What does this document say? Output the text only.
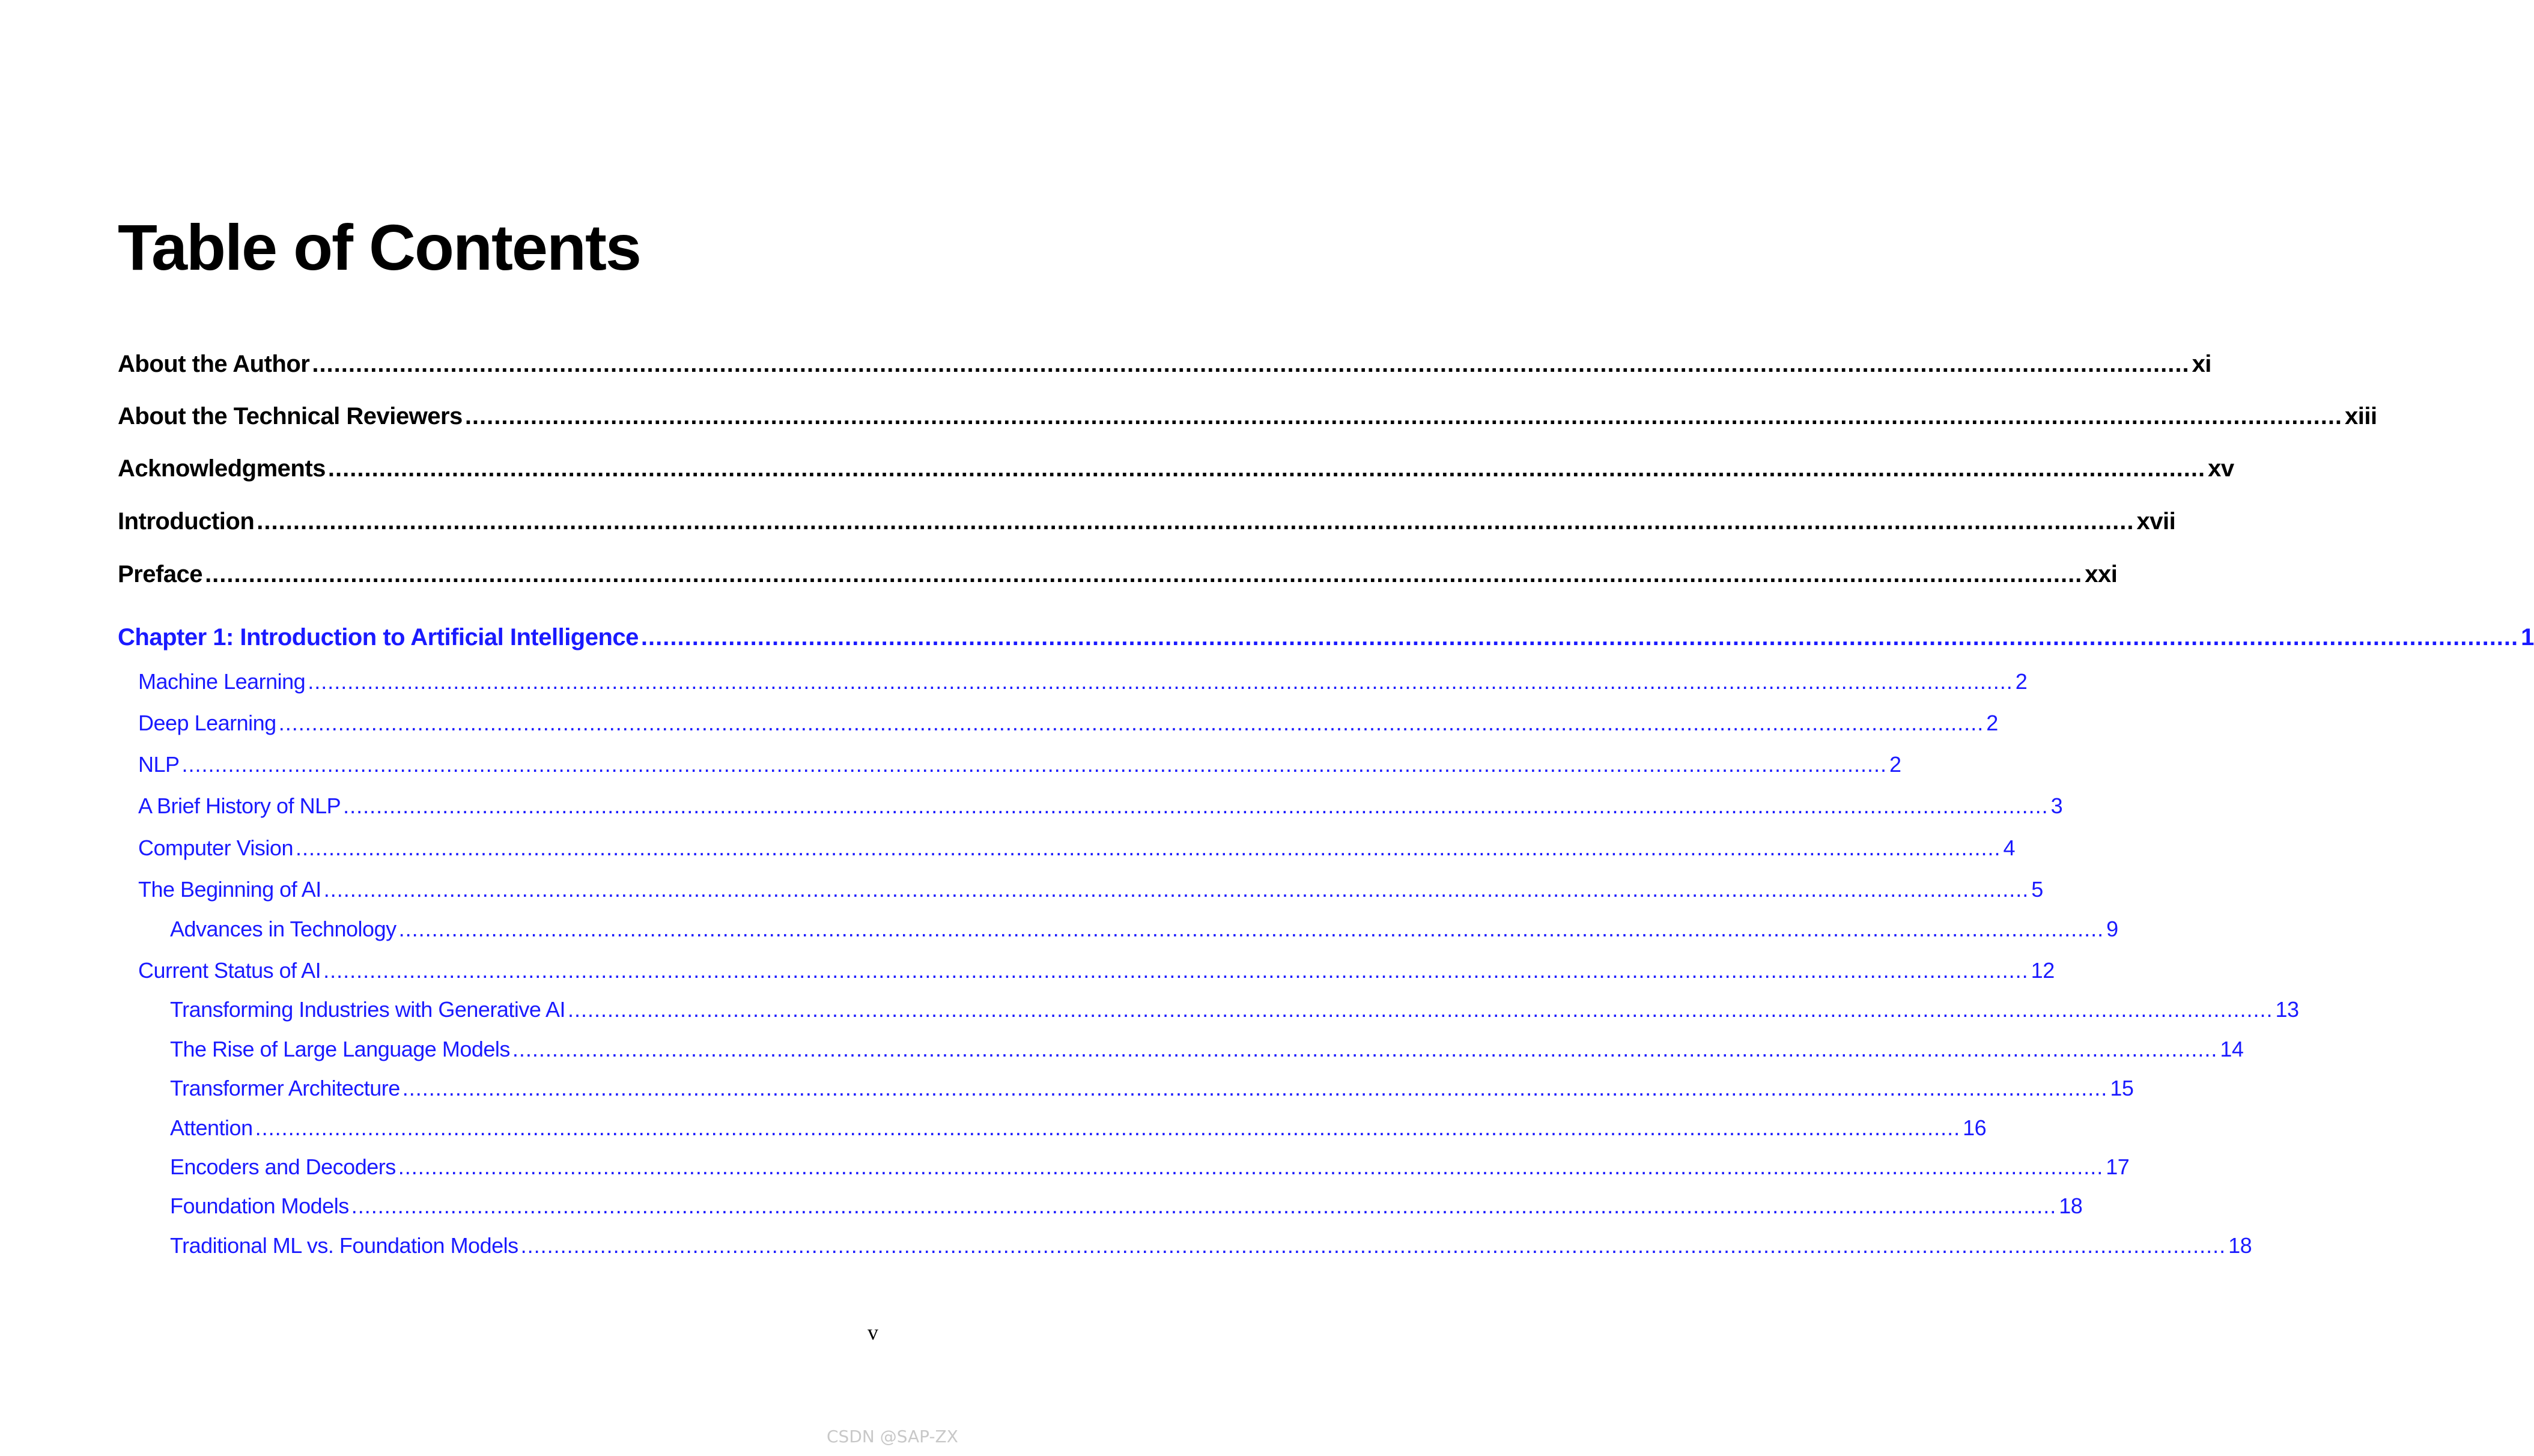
Table of Contents
About the Author .................................................................................................................................................................................................................................................................. xi
About the Technical Reviewers .................................................................................................................................................................................................................................................................. xiii
Acknowledgments .................................................................................................................................................................................................................................................................. xv
Introduction .................................................................................................................................................................................................................................................................. xvii
Preface .................................................................................................................................................................................................................................................................. xxi
Chapter 1: Introduction to Artificial Intelligence .................................................................................................................................................................................................................................................................. 1
Machine Learning .................................................................................................................................................................................................................................................................. 2
Deep Learning .................................................................................................................................................................................................................................................................. 2
NLP .................................................................................................................................................................................................................................................................. 2
A Brief History of NLP .................................................................................................................................................................................................................................................................. 3
Computer Vision .................................................................................................................................................................................................................................................................. 4
The Beginning of AI .................................................................................................................................................................................................................................................................. 5
Advances in Technology .................................................................................................................................................................................................................................................................. 9
Current Status of AI .................................................................................................................................................................................................................................................................. 12
Transforming Industries with Generative AI .................................................................................................................................................................................................................................................................. 13
The Rise of Large Language Models .................................................................................................................................................................................................................................................................. 14
Transformer Architecture .................................................................................................................................................................................................................................................................. 15
Attention .................................................................................................................................................................................................................................................................. 16
Encoders and Decoders .................................................................................................................................................................................................................................................................. 17
Foundation Models .................................................................................................................................................................................................................................................................. 18
Traditional ML vs. Foundation Models .................................................................................................................................................................................................................................................................. 18
v
CSDN @SAP-ZX
